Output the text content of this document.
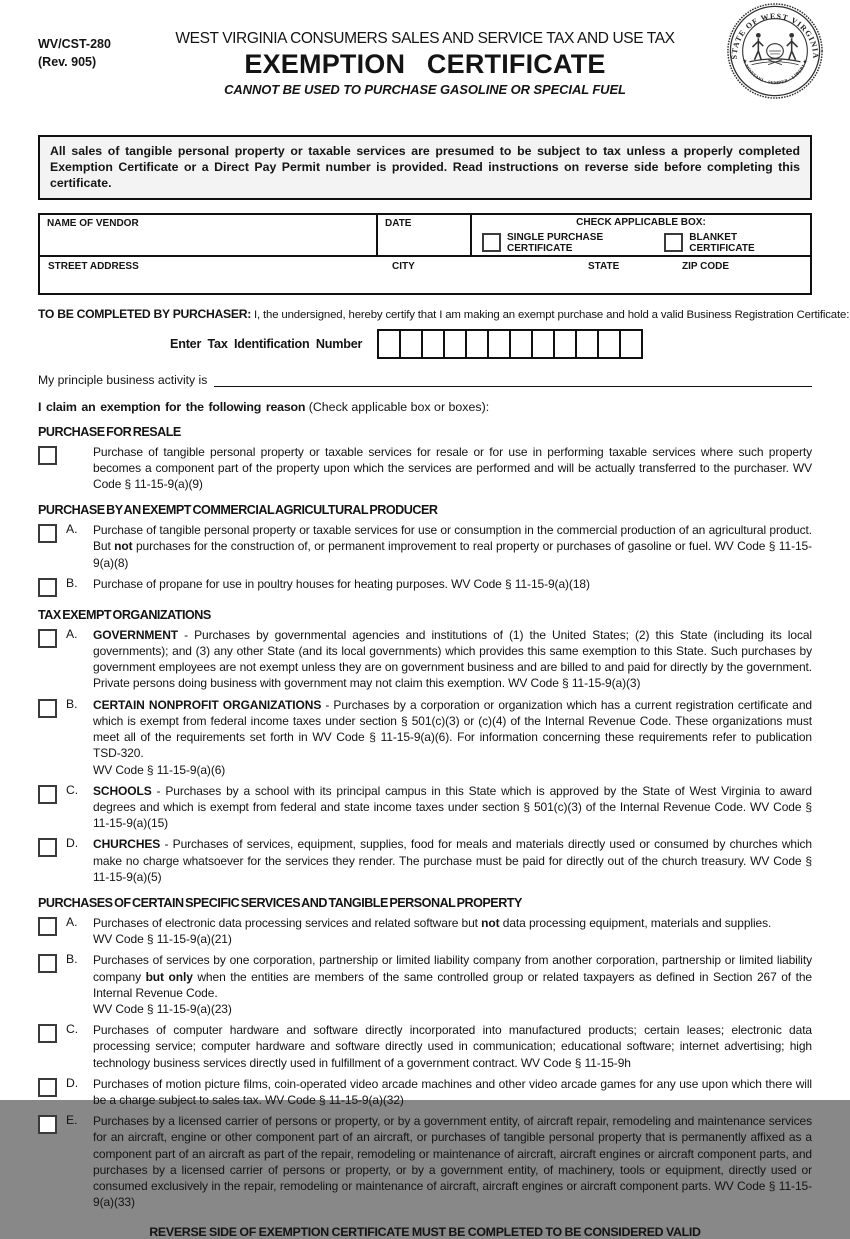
WV/CST-280
(Rev. 905)
WEST VIRGINIA CONSUMERS SALES AND SERVICE TAX AND USE TAX
EXEMPTION CERTIFICATE
CANNOT BE USED TO PURCHASE GASOLINE OR SPECIAL FUEL
STATE OF WEST VIRGINIA
★ MONTANI · SEMPER · LIBERI ★
All sales of tangible personal property or taxable services are presumed to be subject to tax unless a properly completed Exemption Certificate or a Direct Pay Permit number is provided. Read instructions on reverse side before completing this certificate.
NAME OF VENDOR	DATE	CHECK APPLICABLE BOX:
SINGLE PURCHASE CERTIFICATE
BLANKET CERTIFICATE
STREET ADDRESS	CITY	STATE	ZIP CODE
TO BE COMPLETED BY PURCHASER: I, the undersigned, hereby certify that I am making an exempt purchase and hold a valid Business Registration Certificate:
Enter Tax Identification Number
My principle business activity is
I claim an exemption for the following reason (Check applicable box or boxes):
PURCHASE FOR RESALE
Purchase of tangible personal property or taxable services for resale or for use in performing taxable services where such property becomes a component part of the property upon which the services are performed and will be actually transferred to the purchaser. WV Code § 11-15-9(a)(9)
PURCHASE BY AN EXEMPT COMMERCIAL AGRICULTURAL PRODUCER
A.	Purchase of tangible personal property or taxable services for use or consumption in the commercial production of an agricultural product. But not purchases for the construction of, or permanent improvement to real property or purchases of gasoline or fuel. WV Code § 11-15-9(a)(8)
B.	Purchase of propane for use in poultry houses for heating purposes. WV Code § 11-15-9(a)(18)
TAX EXEMPT ORGANIZATIONS
A.	GOVERNMENT - Purchases by governmental agencies and institutions of (1) the United States; (2) this State (including its local governments); and (3) any other State (and its local governments) which provides this same exemption to this State. Such purchases by government employees are not exempt unless they are on government business and are billed to and paid for directly by the government. Private persons doing business with government may not claim this exemption. WV Code § 11-15-9(a)(3)
B.	CERTAIN NONPROFIT ORGANIZATIONS - Purchases by a corporation or organization which has a current registration certificate and which is exempt from federal income taxes under section § 501(c)(3) or (c)(4) of the Internal Revenue Code. These organizations must meet all of the requirements set forth in WV Code § 11-15-9(a)(6). For information concerning these requirements refer to publication TSD-320.
WV Code § 11-15-9(a)(6)
C.	SCHOOLS - Purchases by a school with its principal campus in this State which is approved by the State of West Virginia to award degrees and which is exempt from federal and state income taxes under section § 501(c)(3) of the Internal Revenue Code. WV Code § 11-15-9(a)(15)
D.	CHURCHES - Purchases of services, equipment, supplies, food for meals and materials directly used or consumed by churches which make no charge whatsoever for the services they render. The purchase must be paid for directly out of the church treasury. WV Code § 11-15-9(a)(5)
PURCHASES OF CERTAIN SPECIFIC SERVICES AND TANGIBLE PERSONAL PROPERTY
A.	Purchases of electronic data processing services and related software but not data processing equipment, materials and supplies.
WV Code § 11-15-9(a)(21)
B.	Purchases of services by one corporation, partnership or limited liability company from another corporation, partnership or limited liability company but only when the entities are members of the same controlled group or related taxpayers as defined in Section 267 of the Internal Revenue Code.
WV Code § 11-15-9(a)(23)
C.	Purchases of computer hardware and software directly incorporated into manufactured products; certain leases; electronic data processing service; computer hardware and software directly used in communication; educational software; internet advertising; high technology business services directly used in fulfillment of a government contract. WV Code § 11-15-9h
D.	Purchases of motion picture films, coin-operated video arcade machines and other video arcade games for any use upon which there will be a charge subject to sales tax. WV Code § 11-15-9(a)(32)
E.	Purchases by a licensed carrier of persons or property, or by a government entity, of aircraft repair, remodeling and maintenance services for an aircraft, engine or other component part of an aircraft, or purchases of tangible personal property that is permanently affixed as a component part of an aircraft as part of the repair, remodeling or maintenance of aircraft, aircraft engines or aircraft component parts, and purchases by a licensed carrier of persons or property, or by a government entity, of machinery, tools or equipment, directly used or consumed exclusively in the repair, remodeling or maintenance of aircraft, aircraft engines or aircraft component parts. WV Code § 11-15-9(a)(33)
REVERSE SIDE OF EXEMPTION CERTIFICATE MUST BE COMPLETED TO BE CONSIDERED VALID
